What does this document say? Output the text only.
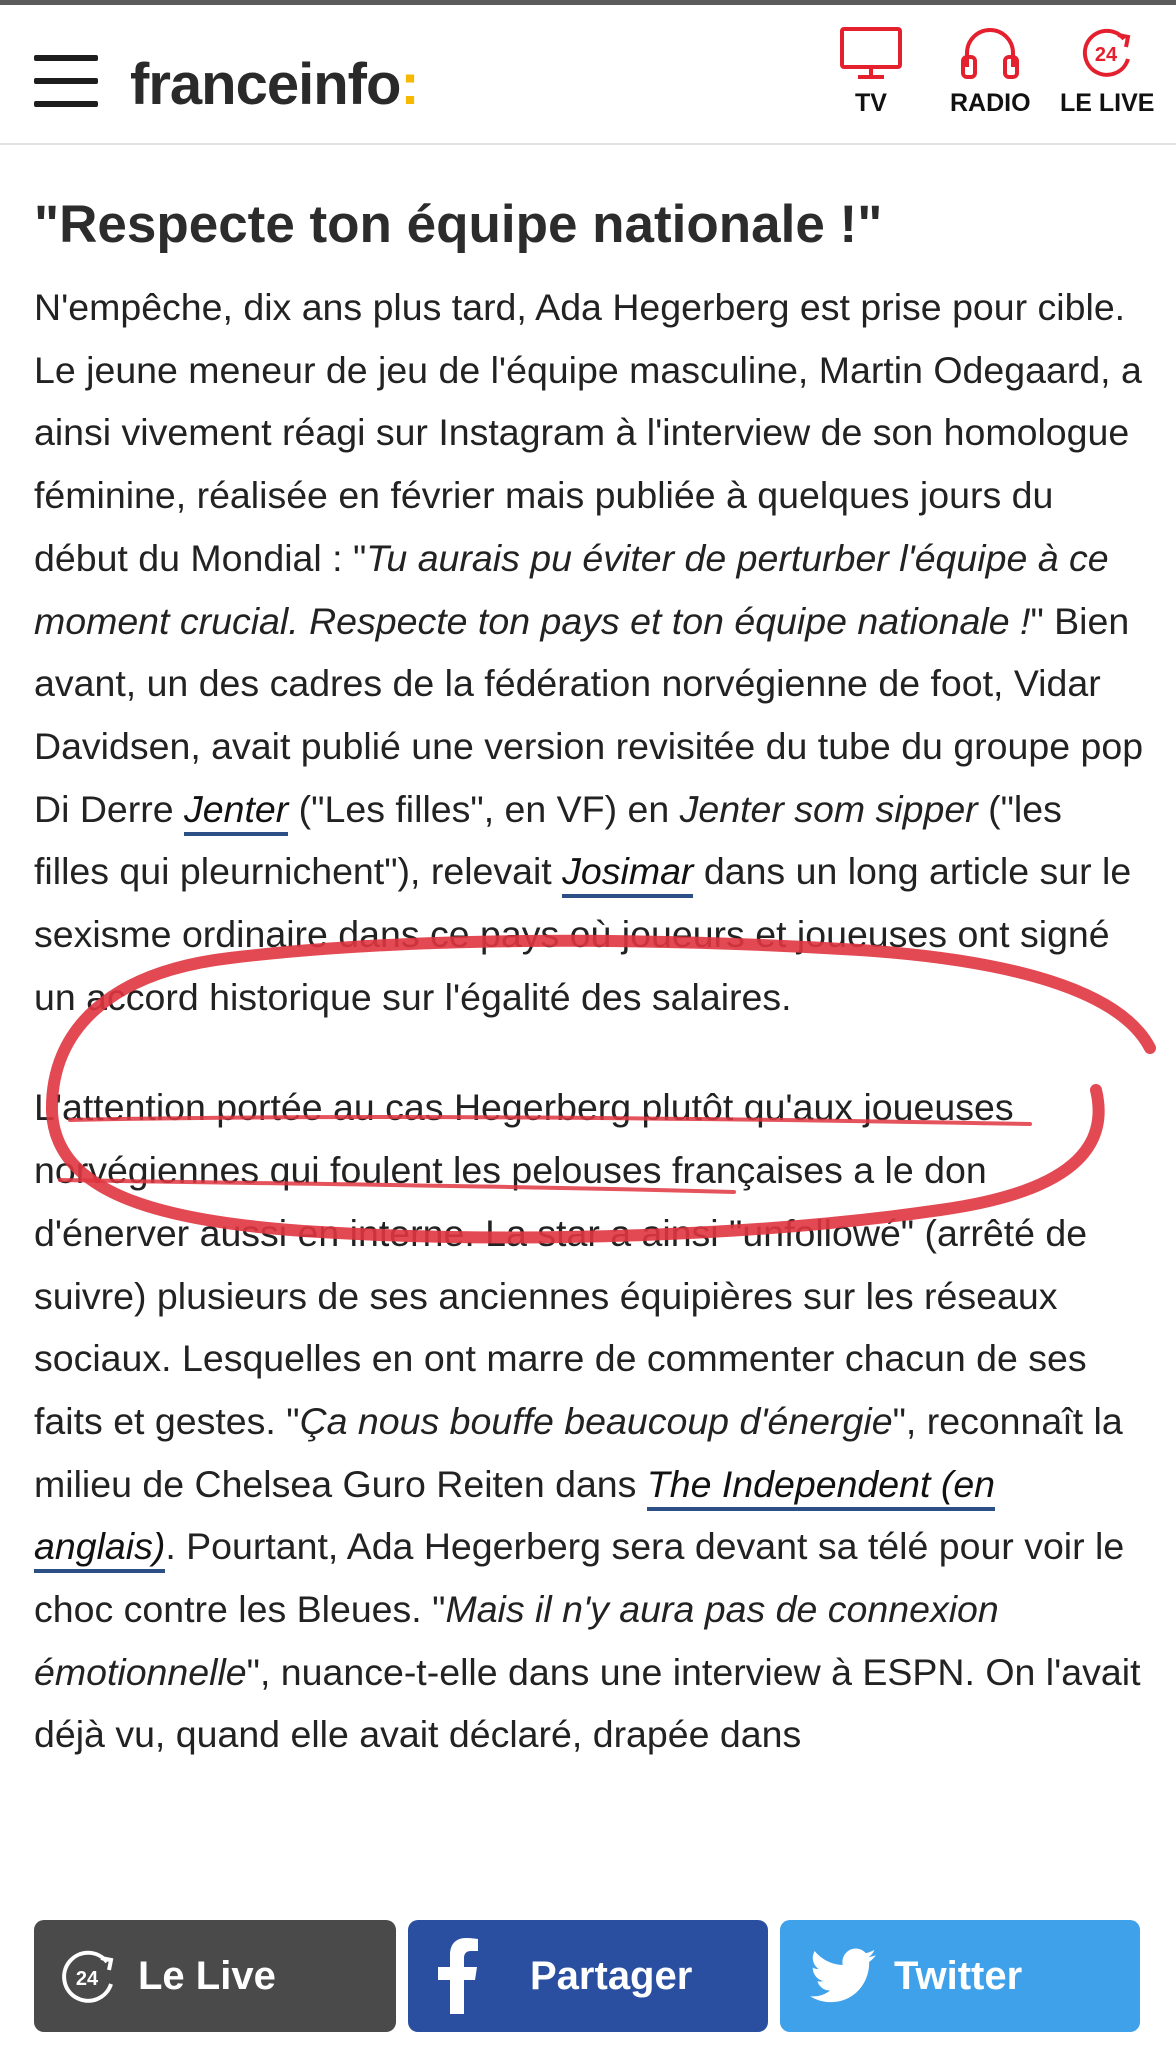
franceinfo:	TV	RADIO
24
LE LIVE
"Respecte ton équipe nationale !"

N'empêche, dix ans plus tard, Ada Hegerberg est prise pour cible. Le jeune meneur de jeu de l'équipe masculine, Martin Odegaard, a ainsi vivement réagi sur Instagram à l'interview de son homologue féminine, réalisée en février mais publiée à quelques jours du début du Mondial : "Tu aurais pu éviter de perturber l'équipe à ce moment crucial. Respecte ton pays et ton équipe nationale !" Bien avant, un des cadres de la fédération norvégienne de foot, Vidar Davidsen, avait publié une version revisitée du tube du groupe pop Di Derre Jenter ("Les filles", en VF) en Jenter som sipper ("les filles qui pleurnichent"), relevait Josimar dans un long article sur le sexisme ordinaire dans ce pays où joueurs et joueuses ont signé un accord historique sur l'égalité des salaires.

L'attention portée au cas Hegerberg plutôt qu'aux joueuses norvégiennes qui foulent les pelouses françaises a le don d'énerver aussi en interne. La star a ainsi "unfollowé" (arrêté de suivre) plusieurs de ses anciennes équipières sur les réseaux sociaux. Lesquelles en ont marre de commenter chacun de ses faits et gestes. "Ça nous bouffe beaucoup d'énergie", reconnaît la milieu de Chelsea Guro Reiten dans The Independent (en anglais). Pourtant, Ada Hegerberg sera devant sa télé pour voir le choc contre les Bleues. "Mais il n'y aura pas de connexion émotionnelle", nuance-t-elle dans une interview à ESPN. On l'avait déjà vu, quand elle avait déclaré, drapée dans

24 Le Live	Partager	Twitter
